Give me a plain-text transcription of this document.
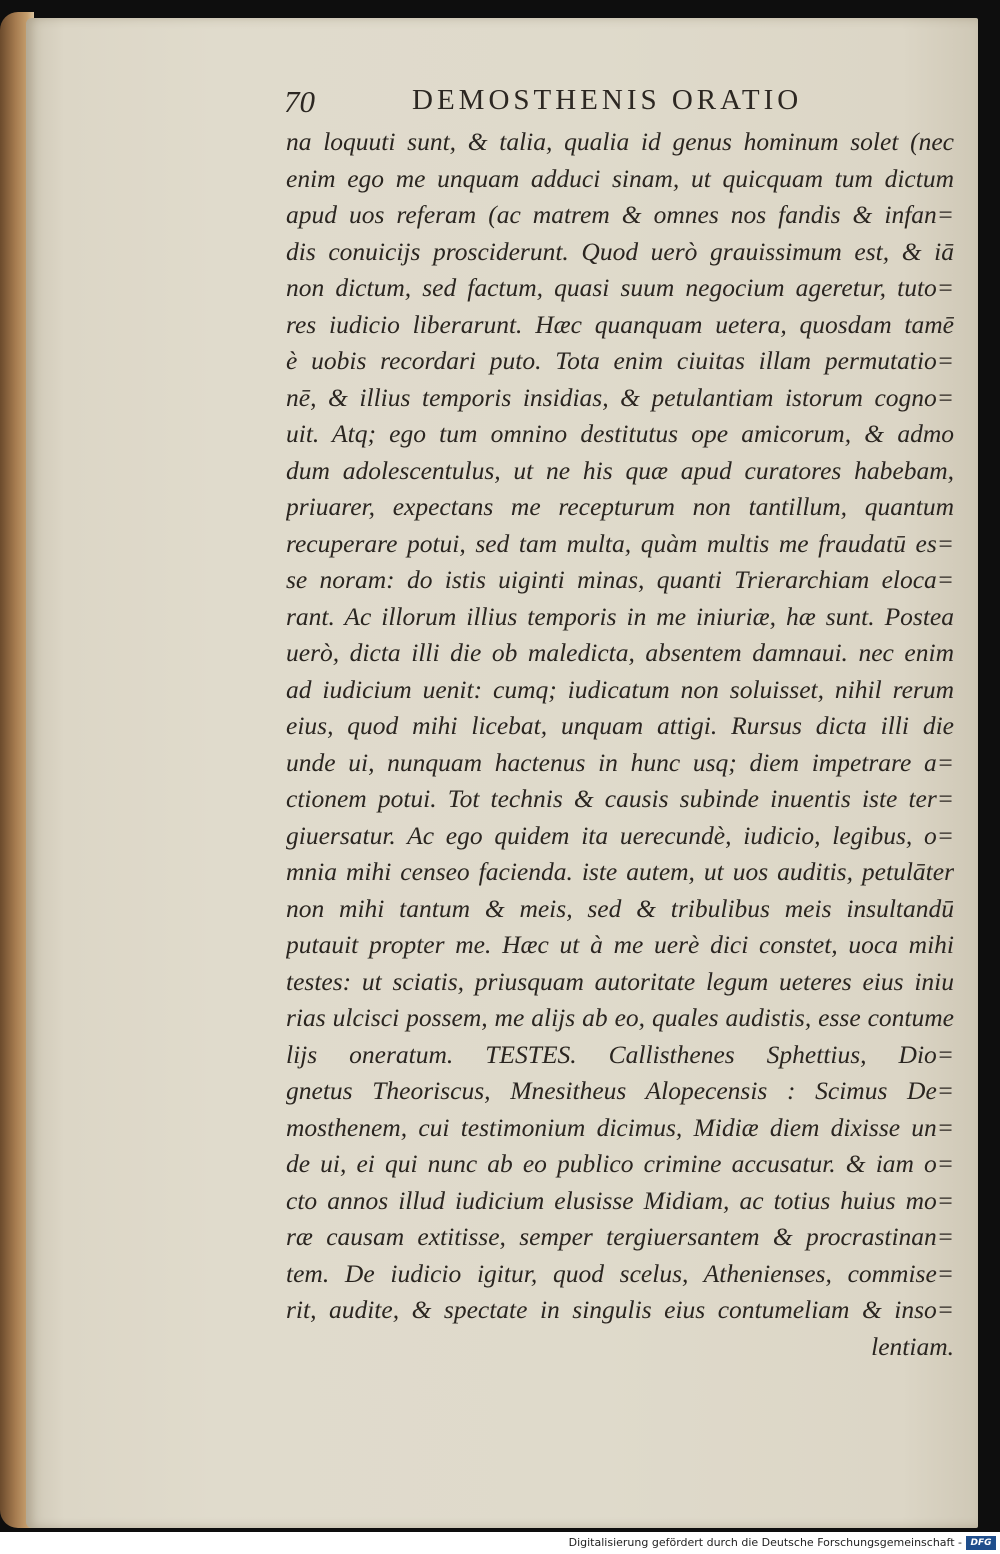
70	DEMOSTHENIS ORATIO
na loquuti sunt, & talia, qualia id genus hominum solet (nec
enim ego me unquam adduci sinam, ut quicquam tum dictum
apud uos referam (ac matrem & omnes nos fandis & infan=
dis conuicijs prosciderunt. Quod uerò grauissimum est, & iā
non dictum, sed factum, quasi suum negocium ageretur, tuto=
res iudicio liberarunt. Hæc quanquam uetera, quosdam tamē
è uobis recordari puto. Tota enim ciuitas illam permutatio=
nē, & illius temporis insidias, & petulantiam istorum cogno=
uit. Atq; ego tum omnino destitutus ope amicorum, & admo
dum adolescentulus, ut ne his quæ apud curatores habebam,
priuarer, expectans me recepturum non tantillum, quantum
recuperare potui, sed tam multa, quàm multis me fraudatū es=
se noram: do istis uiginti minas, quanti Trierarchiam eloca=
rant. Ac illorum illius temporis in me iniuriæ, hæ sunt. Postea
uerò, dicta illi die ob maledicta, absentem damnaui. nec enim
ad iudicium uenit: cumq; iudicatum non soluisset, nihil rerum
eius, quod mihi licebat, unquam attigi. Rursus dicta illi die
unde ui, nunquam hactenus in hunc usq; diem impetrare a=
ctionem potui. Tot technis & causis subinde inuentis iste ter=
giuersatur. Ac ego quidem ita uerecundè, iudicio, legibus, o=
mnia mihi censeo facienda. iste autem, ut uos auditis, petulāter
non mihi tantum & meis, sed & tribulibus meis insultandū
putauit propter me. Hæc ut à me uerè dici constet, uoca mihi
testes: ut sciatis, priusquam autoritate legum ueteres eius iniu
rias ulcisci possem, me alijs ab eo, quales audistis, esse contume
lijs oneratum. TESTES. Callisthenes Sphettius, Dio=
gnetus Theoriscus, Mnesitheus Alopecensis : Scimus De=
mosthenem, cui testimonium dicimus, Midiæ diem dixisse un=
de ui, ei qui nunc ab eo publico crimine accusatur. & iam o=
cto annos illud iudicium elusisse Midiam, ac totius huius mo=
ræ causam extitisse, semper tergiuersantem & procrastinan=
tem. De iudicio igitur, quod scelus, Athenienses, commise=
rit, audite, & spectate in singulis eius contumeliam & inso=
lentiam.
Digitalisierung gefördert durch die Deutsche Forschungsgemeinschaft - DFG
